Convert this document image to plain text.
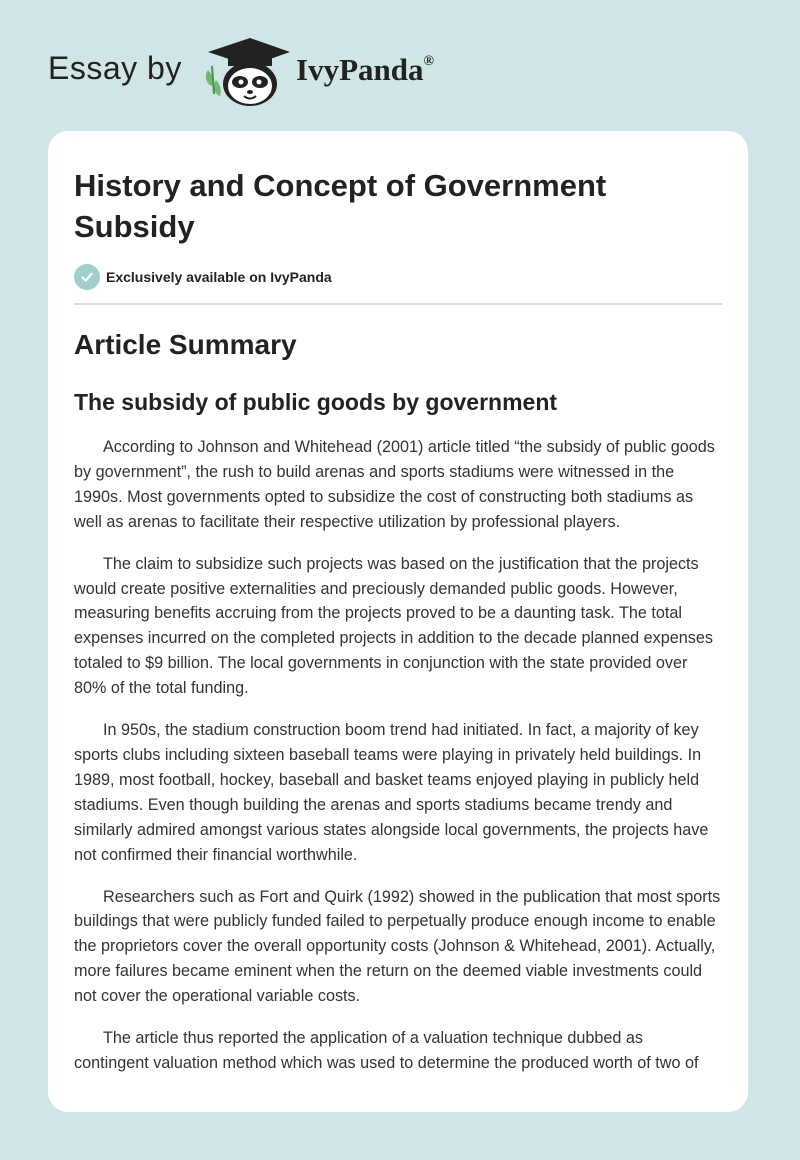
Essay by	IvyPanda®
History and Concept of Government Subsidy
Exclusively available on IvyPanda
Article Summary
The subsidy of public goods by government

According to Johnson and Whitehead (2001) article titled “the subsidy of public goods by government”, the rush to build arenas and sports stadiums were witnessed in the 1990s. Most governments opted to subsidize the cost of constructing both stadiums as well as arenas to facilitate their respective utilization by professional players.

The claim to subsidize such projects was based on the justification that the projects would create positive externalities and preciously demanded public goods. However, measuring benefits accruing from the projects proved to be a daunting task. The total expenses incurred on the completed projects in addition to the decade planned expenses totaled to $9 billion. The local governments in conjunction with the state provided over 80% of the total funding.

In 950s, the stadium construction boom trend had initiated. In fact, a majority of key sports clubs including sixteen baseball teams were playing in privately held buildings. In 1989, most football, hockey, baseball and basket teams enjoyed playing in publicly held stadiums. Even though building the arenas and sports stadiums became trendy and similarly admired amongst various states alongside local governments, the projects have not confirmed their financial worthwhile.

Researchers such as Fort and Quirk (1992) showed in the publication that most sports buildings that were publicly funded failed to perpetually produce enough income to enable the proprietors cover the overall opportunity costs (Johnson & Whitehead, 2001). Actually, more failures became eminent when the return on the deemed viable investments could not cover the operational variable costs.

The article thus reported the application of a valuation technique dubbed as contingent valuation method which was used to determine the produced worth of two of
